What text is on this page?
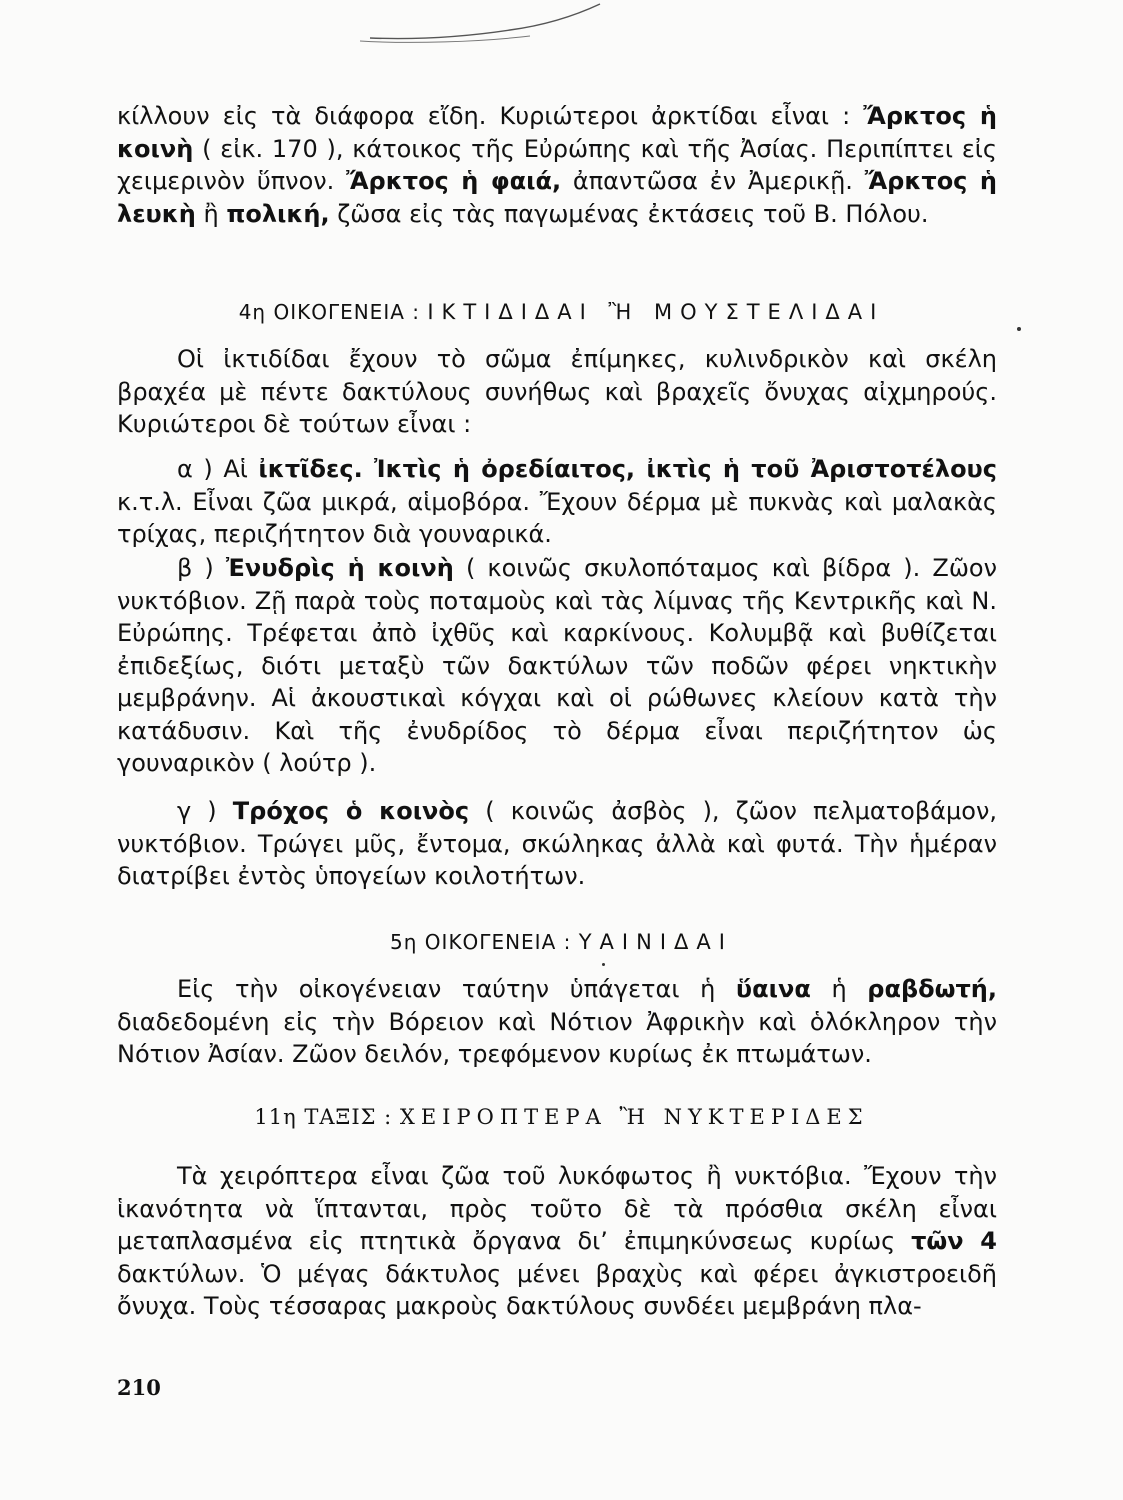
κίλλουν εἰς τὰ διάφορα εἴδη. Κυριώτεροι ἀρκτίδαι εἶναι : Ἄρκτος ἡ κοινὴ ( εἰκ. 170 ), κάτοικος τῆς Εὐρώπης καὶ τῆς Ἀσίας. Περιπίπτει εἰς χειμερινὸν ὕπνον. Ἄρκτος ἡ φαιά, ἀπαντῶσα ἐν Ἀμερικῇ. Ἄρκτος ἡ λευκὴ ἢ πολική, ζῶσα εἰς τὰς παγωμένας ἐκτάσεις τοῦ Β. Πόλου.

4η ΟΙΚΟΓΕΝΕΙΑ : ΙΚΤΙΔΙΔΑΙ Ἢ ΜΟΥΣΤΕΛΙΔΑΙ

Οἱ ἰκτιδίδαι ἔχουν τὸ σῶμα ἐπίμηκες, κυλινδρικὸν καὶ σκέλη βραχέα μὲ πέντε δακτύλους συνήθως καὶ βραχεῖς ὄνυχας αἰχμηρούς. Κυριώτεροι δὲ τούτων εἶναι :

α ) Αἱ ἰκτῖδες. Ἰκτὶς ἡ ὀρεδίαιτος, ἰκτὶς ἡ τοῦ Ἀριστοτέλους κ.τ.λ. Εἶναι ζῶα μικρά, αἱμοβόρα. Ἔχουν δέρμα μὲ πυκνὰς καὶ μαλακὰς τρίχας, περιζήτητον διὰ γουναρικά.

β ) Ἐνυδρὶς ἡ κοινὴ ( κοινῶς σκυλοπόταμος καὶ βίδρα ). Ζῶον νυκτόβιον. Ζῇ παρὰ τοὺς ποταμοὺς καὶ τὰς λίμνας τῆς Κεντρικῆς καὶ Ν. Εὐρώπης. Τρέφεται ἀπὸ ἰχθῦς καὶ καρκίνους. Κολυμβᾷ καὶ βυθίζεται ἐπιδεξίως, διότι μεταξὺ τῶν δακτύλων τῶν ποδῶν φέρει νηκτικὴν μεμβράνην. Αἱ ἀκουστικαὶ κόγχαι καὶ οἱ ρώθωνες κλείουν κατὰ τὴν κατάδυσιν. Καὶ τῆς ἐνυδρίδος τὸ δέρμα εἶναι περιζήτητον ὡς γουναρικὸν ( λούτρ ).

γ ) Τρόχος ὁ κοινὸς ( κοινῶς ἀσβὸς ), ζῶον πελματοβάμον, νυκτόβιον. Τρώγει μῦς, ἔντομα, σκώληκας ἀλλὰ καὶ φυτά. Τὴν ἡμέραν διατρίβει ἐντὸς ὑπογείων κοιλοτήτων.

5η ΟΙΚΟΓΕΝΕΙΑ : ΥΑΙΝΙΔΑΙ

Εἰς τὴν οἰκογένειαν ταύτην ὑπάγεται ἡ ὕαινα ἡ ραβδωτή, διαδεδομένη εἰς τὴν Βόρειον καὶ Νότιον Ἀφρικὴν καὶ ὁλόκληρον τὴν Νότιον Ἀσίαν. Ζῶον δειλόν, τρεφόμενον κυρίως ἐκ πτωμάτων.

11η ΤΑΞΙΣ : ΧΕΙΡΟΠΤΕΡΑ Ἢ ΝΥΚΤΕΡΙΔΕΣ

Τὰ χειρόπτερα εἶναι ζῶα τοῦ λυκόφωτος ἢ νυκτόβια. Ἔχουν τὴν ἱκανότητα νὰ ἵπτανται, πρὸς τοῦτο δὲ τὰ πρόσθια σκέλη εἶναι μεταπλασμένα εἰς πτητικὰ ὄργανα δι’ ἐπιμηκύνσεως κυρίως τῶν 4 δακτύλων. Ὁ μέγας δάκτυλος μένει βραχὺς καὶ φέρει ἀγκιστροειδῆ ὄνυχα. Τοὺς τέσσαρας μακροὺς δακτύλους συνδέει μεμβράνη πλα-

210
